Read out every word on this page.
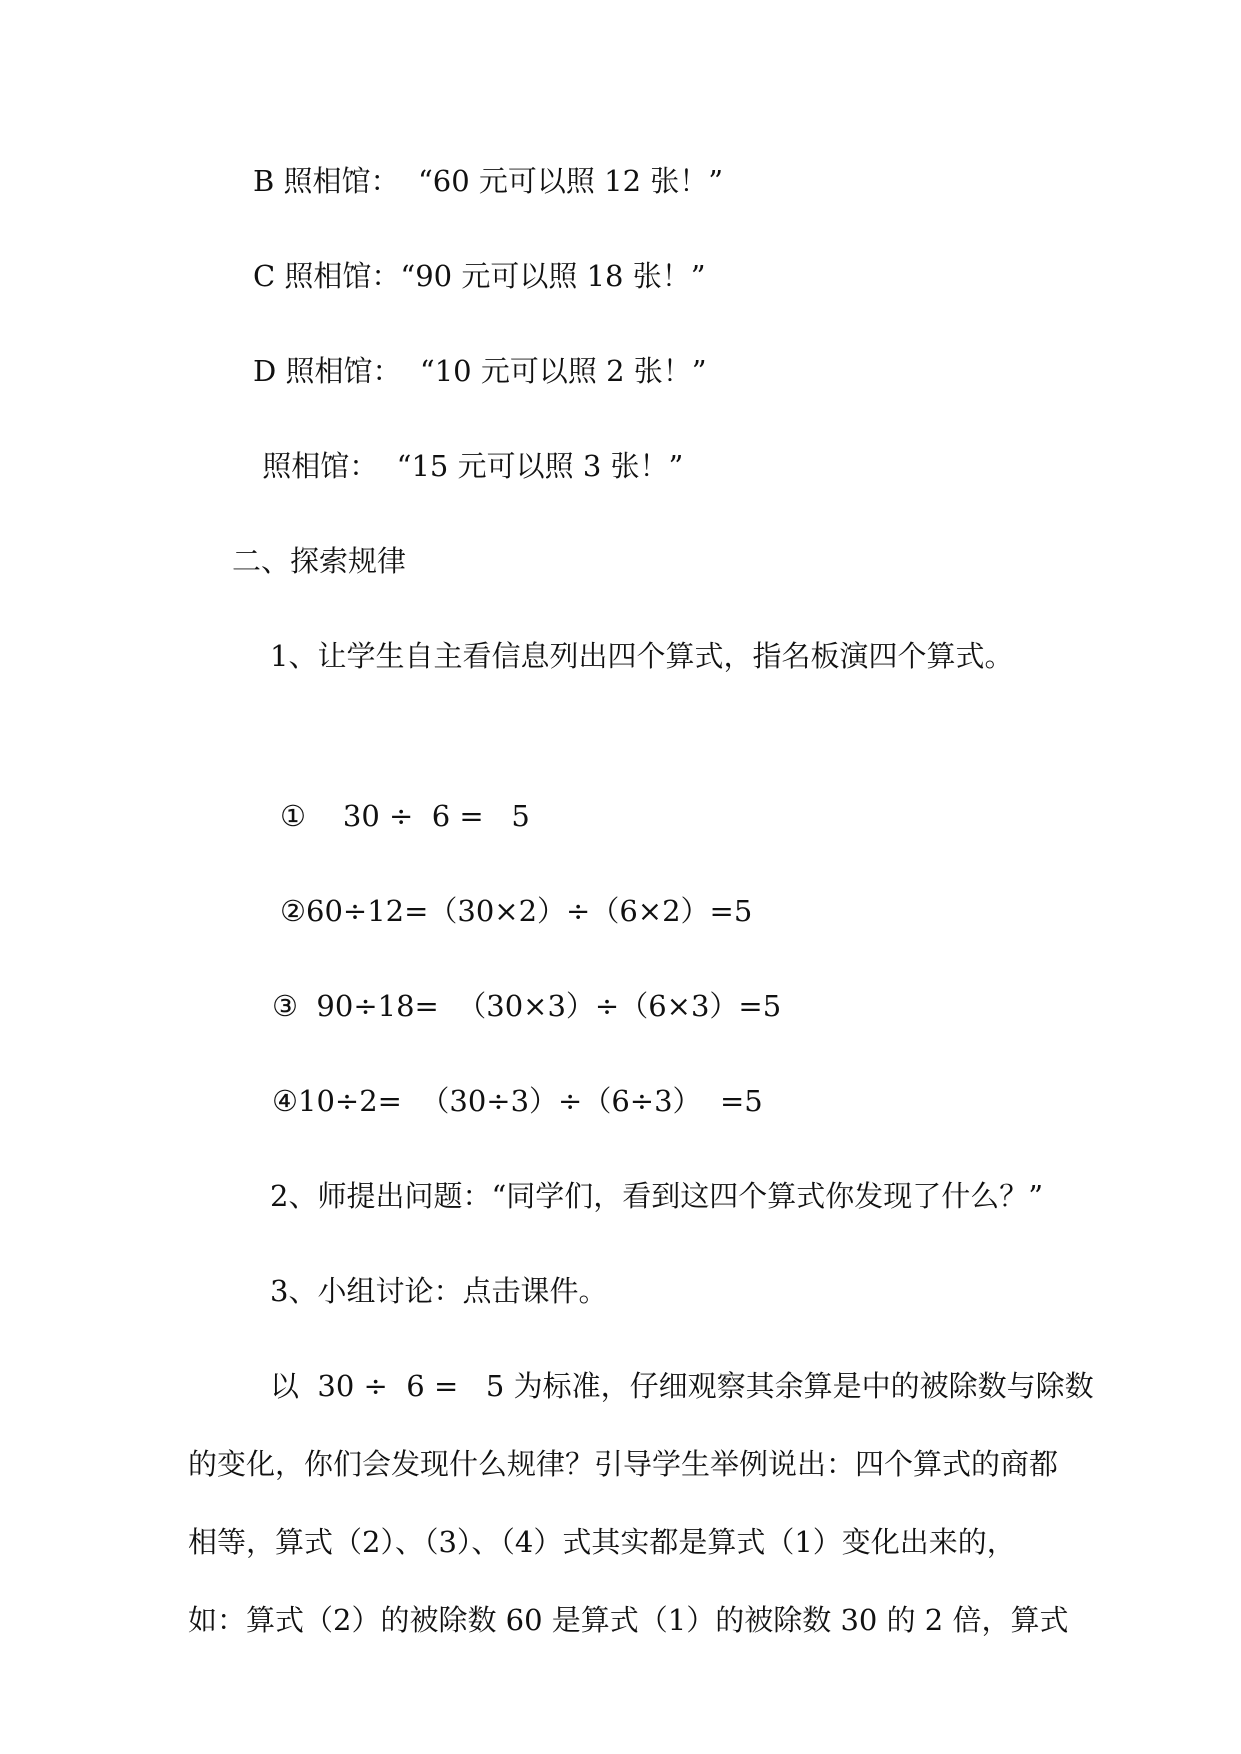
B 照相馆：  “60 元可以照 12 张！”

C 照相馆：“90 元可以照 18 张！”

D 照相馆：  “10 元可以照 2 张！”

照相馆：  “15 元可以照 3 张！”

二、探索规律

1、让学生自主看信息列出四个算式，指名板演四个算式。

①    30 ÷  6 =   5

②60÷12=（30×2）÷（6×2）=5

③  90÷18=  （30×3）÷（6×3）=5

④10÷2=  （30÷3）÷（6÷3）  =5

2、师提出问题：“同学们，看到这四个算式你发现了什么？”

3、小组讨论：点击课件。

以  30 ÷  6 =   5 为标准，仔细观察其余算是中的被除数与除数

的变化，你们会发现什么规律？引导学生举例说出：四个算式的商都

相等，算式（2）、（3）、（4）式其实都是算式（1）变化出来的，

如：算式（2）的被除数 60 是算式（1）的被除数 30 的 2 倍，算式
